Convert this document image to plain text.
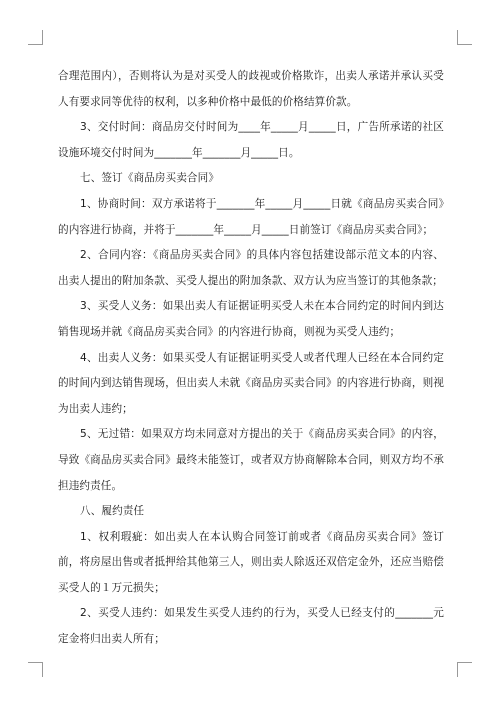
合理范围内），否则将认为是对买受人的歧视或价格欺诈，出卖人承诺并承认买受人有要求同等优待的权利，以多种价格中最低的价格结算价款。

3、交付时间：商品房交付时间为____年_____月_____日，广告所承诺的社区设施环境交付时间为_______年_______月_____日。

七、签订《商品房买卖合同》

1、协商时间：双方承诺将于_______年_____月_____日就《商品房买卖合同》的内容进行协商，并将于_______年_____月_____日前签订《商品房买卖合同》；

2、合同内容：《商品房买卖合同》的具体内容包括建设部示范文本的内容、出卖人提出的附加条款、买受人提出的附加条款、双方认为应当签订的其他条款；

3、买受人义务：如果出卖人有证据证明买受人未在本合同约定的时间内到达销售现场并就《商品房买卖合同》的内容进行协商，则视为买受人违约；

4、出卖人义务：如果买受人有证据证明买受人或者代理人已经在本合同约定的时间内到达销售现场，但出卖人未就《商品房买卖合同》的内容进行协商，则视为出卖人违约；

5、无过错：如果双方均未同意对方提出的关于《商品房买卖合同》的内容，导致《商品房买卖合同》最终未能签订，或者双方协商解除本合同，则双方均不承担违约责任。

八、履约责任

1、权利瑕疵：如出卖人在本认购合同签订前或者《商品房买卖合同》签订前，将房屋出售或者抵押给其他第三人，则出卖人除返还双倍定金外，还应当赔偿买受人的１万元损失；

2、买受人违约：如果发生买受人违约的行为，买受人已经支付的_______元定金将归出卖人所有；
